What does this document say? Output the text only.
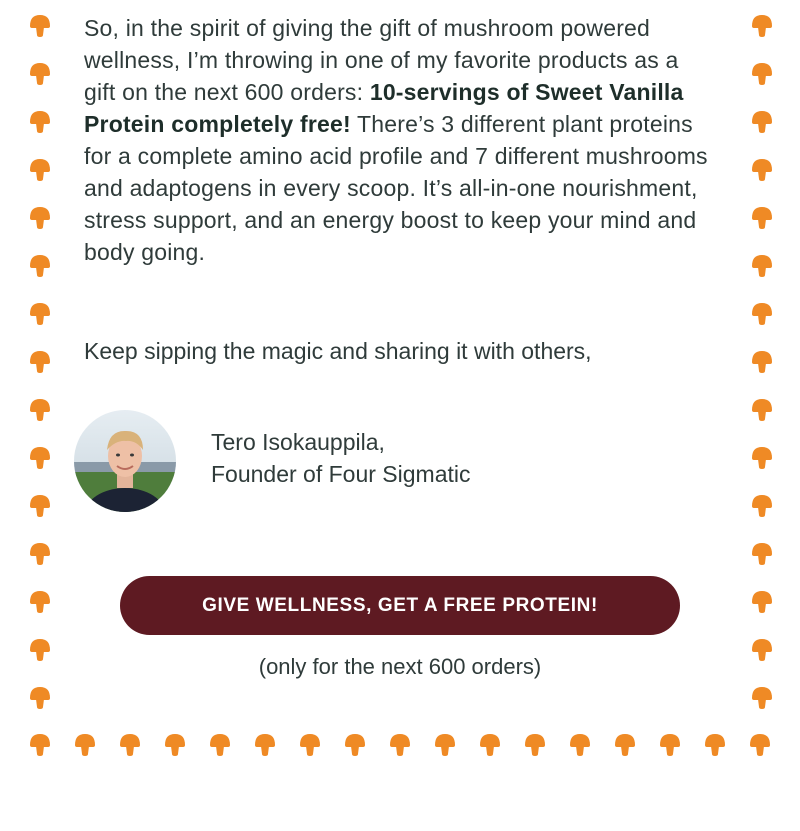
So, in the spirit of giving the gift of mushroom powered wellness, I’m throwing in one of my favorite products as a gift on the next 600 orders: 10-servings of Sweet Vanilla Protein completely free! There’s 3 different plant proteins for a complete amino acid profile and 7 different mushrooms and adaptogens in every scoop. It’s all-in-one nourishment, stress support, and an energy boost to keep your mind and body going.

Keep sipping the magic and sharing it with others,
Tero Isokauppila,
Founder of Four Sigmatic
GIVE WELLNESS, GET A FREE PROTEIN!
(only for the next 600 orders)
